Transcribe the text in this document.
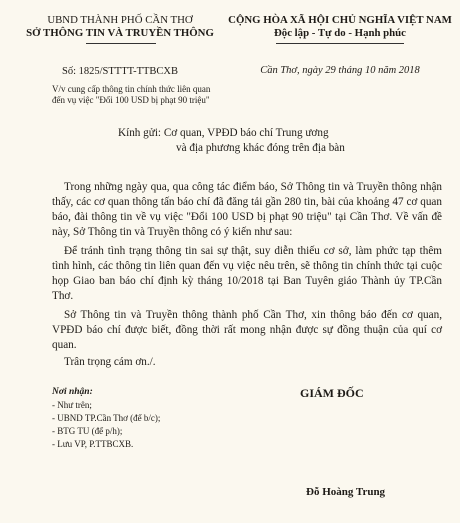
UBND THÀNH PHỐ CẦN THƠ
SỞ THÔNG TIN VÀ TRUYỀN THÔNG
CỘNG HÒA XÃ HỘI CHỦ NGHĨA VIỆT NAM
Độc lập - Tự do - Hạnh phúc
Số: 1825/STTTT-TTBCXB	Cần Thơ, ngày 29 tháng 10 năm 2018
V/v cung cấp thông tin chính thức liên quan
đến vụ việc "Đối 100 USD bị phạt 90 triệu"
Kính gửi: Cơ quan, VPĐD báo chí Trung ương
và địa phương khác đóng trên địa bàn

Trong những ngày qua, qua công tác điểm báo, Sở Thông tin và Truyền thông nhận thấy, các cơ quan thông tấn báo chí đã đăng tải gần 280 tin, bài của khoảng 47 cơ quan báo, đài thông tin về vụ việc "Đổi 100 USD bị phạt 90 triệu" tại Cần Thơ. Về vấn đề này, Sở Thông tin và Truyền thông có ý kiến như sau:

Để tránh tình trạng thông tin sai sự thật, suy diễn thiếu cơ sở, làm phức tạp thêm tình hình, các thông tin liên quan đến vụ việc nêu trên, sẽ thông tin chính thức tại cuộc họp Giao ban báo chí định kỳ tháng 10/2018 tại Ban Tuyên giáo Thành ủy TP.Cần Thơ.

Sở Thông tin và Truyền thông thành phố Cần Thơ, xin thông báo đến cơ quan, VPĐD báo chí được biết, đồng thời rất mong nhận được sự đồng thuận của quí cơ quan.

Trân trọng cám ơn./.

Nơi nhận:
- Như trên;
- UBND TP.Cần Thơ (để b/c);
- BTG TU (để p/h);
- Lưu VP, P.TTBCXB.
GIÁM ĐỐC
Đỗ Hoàng Trung
